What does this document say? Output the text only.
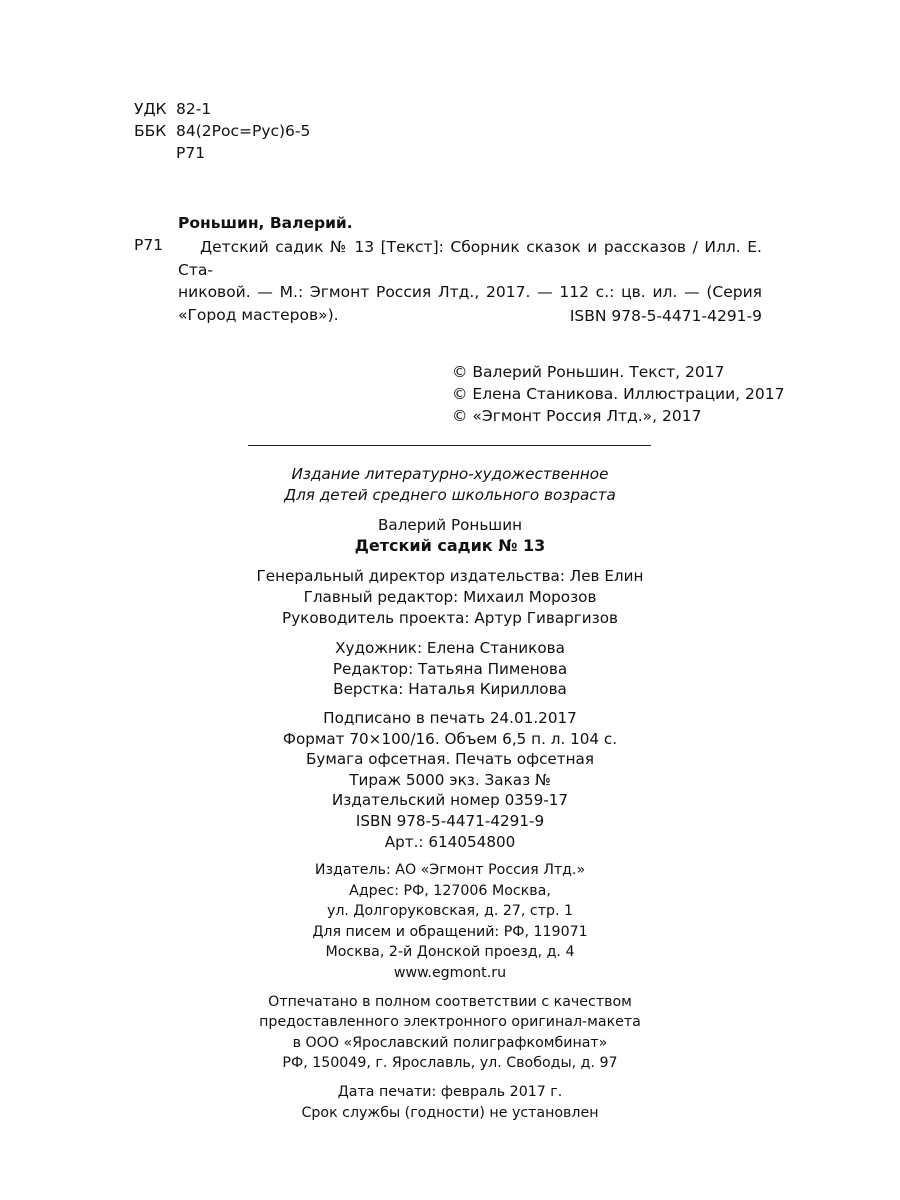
УДК 82-1
ББК 84(2Рос=Рус)6-5
Р71
Роньшин, Валерий.
Р71	Детский садик № 13 [Текст]: Сборник сказок и рассказов / Илл. Е. Ста-
никовой. — М.: Эгмонт Россия Лтд., 2017. — 112 с.: цв. ил. — (Серия «Город мастеров»).	ISBN 978-5-4471-4291-9
© Валерий Роньшин. Текст, 2017
© Елена Станикова. Иллюстрации, 2017
© «Эгмонт Россия Лтд.», 2017
Издание литературно-художественное
Для детей среднего школьного возраста
Валерий Роньшин
Детский садик № 13
Генеральный директор издательства: Лев Елин
Главный редактор: Михаил Морозов
Руководитель проекта: Артур Гиваргизов
Художник: Елена Станикова
Редактор: Татьяна Пименова
Верстка: Наталья Кириллова
Подписано в печать 24.01.2017
Формат 70×100/16. Объем 6,5 п. л. 104 с.
Бумага офсетная. Печать офсетная
Тираж 5000 экз. Заказ №
Издательский номер 0359-17
ISBN 978-5-4471-4291-9
Арт.: 614054800
Издатель: АО «Эгмонт Россия Лтд.»
Адрес: РФ, 127006 Москва,
ул. Долгоруковская, д. 27, стр. 1
Для писем и обращений: РФ, 119071
Москва, 2-й Донской проезд, д. 4
www.egmont.ru
Отпечатано в полном соответствии с качеством
предоставленного электронного оригинал-макета
в ООО «Ярославский полиграфкомбинат»
РФ, 150049, г. Ярославль, ул. Свободы, д. 97
Дата печати: февраль 2017 г.
Срок службы (годности) не установлен
